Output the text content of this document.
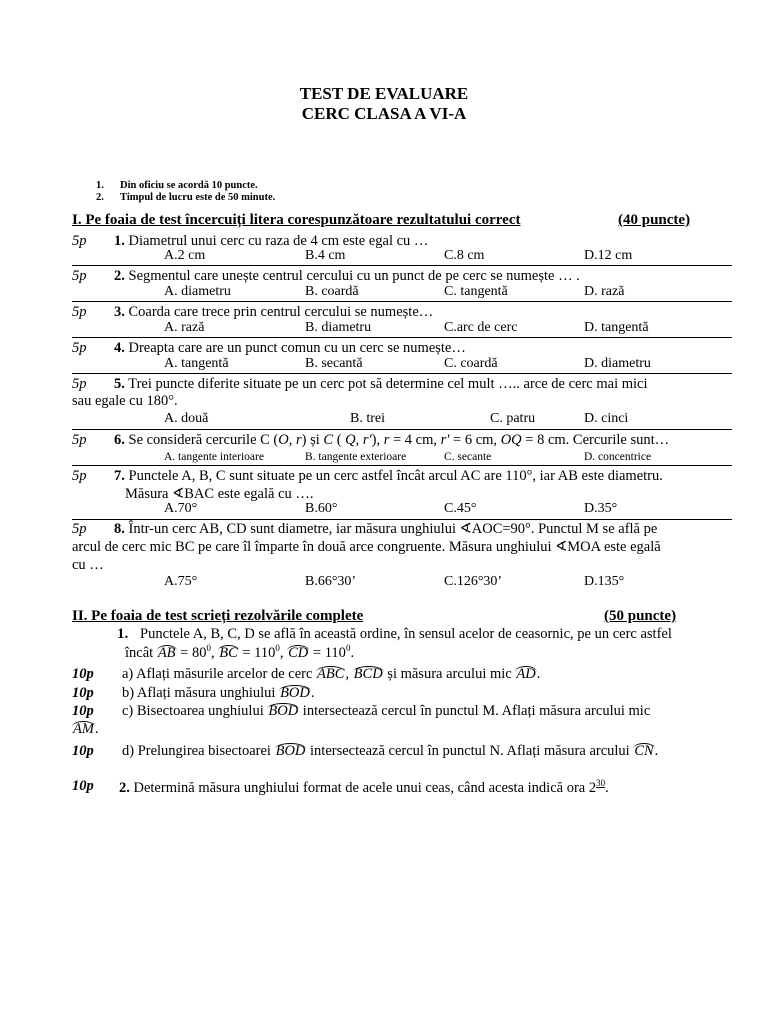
TEST DE EVALUARE
CERC CLASA A VI-A
1. Din oficiu se acordă 10 puncte.
2. Timpul de lucru este de 50 minute.
I. Pe foaia de test încercuiți litera corespunzătoare rezultatului correct	(40 puncte)
5p 1. Diametrul unui cerc cu raza de 4 cm este egal cu …
A.2 cm	B.4 cm	C.8 cm	D.12 cm
5p 2. Segmentul care unește centrul cercului cu un punct de pe cerc se numește … .
A. diametru	B. coardă	C. tangentă	D. rază
5p 3. Coarda care trece prin centrul cercului se numește…
A. rază	B. diametru	C.arc de cerc	D. tangentă
5p 4. Dreapta care are un punct comun cu un cerc se numește…
A. tangentă	B. secantă	C. coardă	D. diametru
5p 5. Trei puncte diferite situate pe un cerc pot să determine cel mult ….. arce de cerc mai mici
sau egale cu 180°.
A. două	B. trei	C. patru	D. cinci
5p 6. Se consideră cercurile C (O, r) și C ( Q, r'), r = 4 cm, r' = 6 cm, OQ = 8 cm. Cercurile sunt…
A. tangente interioare	B. tangente exterioare	C. secante	D. concentrice
5p 7. Punctele A, B, C sunt situate pe un cerc astfel încât arcul AC are 110°, iar AB este diametru.
Măsura ∢BAC este egală cu ….
A.70°	B.60°	C.45°	D.35°
5p 8. Într-un cerc AB, CD sunt diametre, iar măsura unghiului ∢AOC=90°. Punctul M se află pe
arcul de cerc mic BC pe care îl împarte în două arce congruente. Măsura unghiului ∢MOA este egală
cu …
A.75°	B.66°30’	C.126°30’	D.135°
II. Pe foaia de test scrieți rezolvările complete	(50 puncte)
1. Punctele A, B, C, D se află în această ordine, în sensul acelor de ceasornic, pe un cerc astfel
încât AB = $80^0$, BC = $110^0$, CD = $110^0$.
10p a) Aflați măsurile arcelor de cerc ABC, BCD și măsura arcului mic AD.
10p b) Aflați măsura unghiului BOD.
10p c) Bisectoarea unghiului BOD intersectează cercul în punctul M. Aflați măsura arcului mic
AM.
10p d) Prelungirea bisectoarei BOD intersectează cercul în punctul N. Aflați măsura arcului CN.
10p 2. Determină măsura unghiului format de acele unui ceas, când acesta indică ora $2^{30}$.
